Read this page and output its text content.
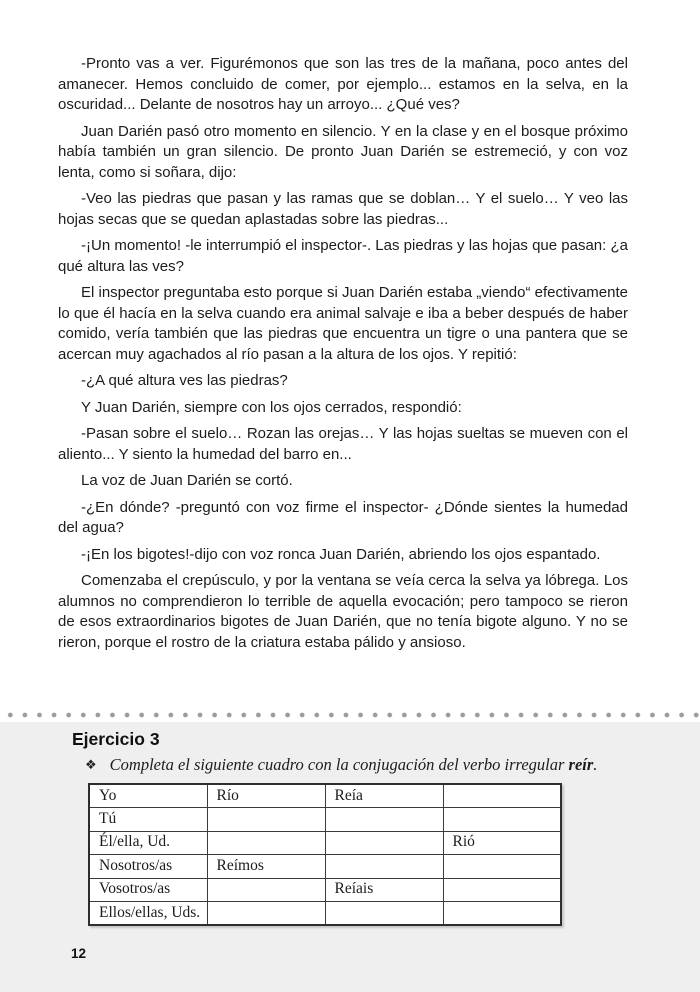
-Pronto vas a ver. Figurémonos que son las tres de la mañana, poco antes del amanecer. Hemos concluido de comer, por ejemplo... estamos en la selva, en la oscuridad... Delante de nosotros hay un arroyo... ¿Qué ves?

Juan Darién pasó otro momento en silencio. Y en la clase y en el bosque próximo había también un gran silencio. De pronto Juan Darién se estremeció, y con voz lenta, como si soñara, dijo:

-Veo las piedras que pasan y las ramas que se doblan… Y el suelo… Y veo las hojas secas que se quedan aplastadas sobre las piedras...

-¡Un momento! -le interrumpió el inspector-. Las piedras y las hojas que pasan: ¿a qué altura las ves?

El inspector preguntaba esto porque si Juan Darién estaba „viendo“ efectivamente lo que él hacía en la selva cuando era animal salvaje e iba a beber después de haber comido, vería también que las piedras que encuentra un tigre o una pantera que se acercan muy agachados al río pasan a la altura de los ojos. Y repitió:

-¿A qué altura ves las piedras?

Y Juan Darién, siempre con los ojos cerrados, respondió:

-Pasan sobre el suelo… Rozan las orejas… Y las hojas sueltas se mueven con el aliento... Y siento la humedad del barro en...

La voz de Juan Darién se cortó.

-¿En dónde? -preguntó con voz firme el inspector- ¿Dónde sientes la humedad del agua?

-¡En los bigotes!-dijo con voz ronca Juan Darién, abriendo los ojos espantado.

Comenzaba el crepúsculo, y por la ventana se veía cerca la selva ya lóbrega. Los alumnos no comprendieron lo terrible de aquella evocación; pero tampoco se rieron de esos extraordinarios bigotes de Juan Darién, que no tenía bigote alguno. Y no se rieron, porque el rostro de la criatura estaba pálido y ansioso.

Ejercicio 3
❖ Completa el siguiente cuadro con la conjugación del verbo irregular reír.
Yo	Río	Reía	
Tú			
Él/ella, Ud.			Rió
Nosotros/as	Reímos		
Vosotros/as		Reíais	
Ellos/ellas, Uds.			
12
